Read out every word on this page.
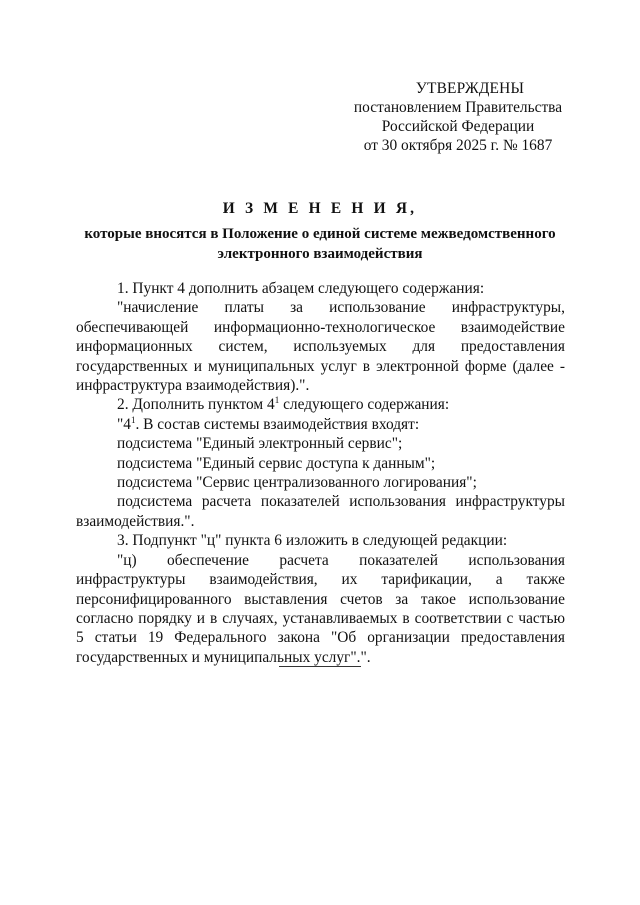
УТВЕРЖДЕНЫ
постановлением Правительства
Российской Федерации
от 30 октября 2025 г. № 1687
И З М Е Н Е Н И Я,
которые вносятся в Положение о единой системе межведомственного
электронного взаимодействия

1. Пункт 4 дополнить абзацем следующего содержания:

"начисление платы за использование инфраструктуры, обеспечивающей информационно-технологическое взаимодействие информационных систем, используемых для предоставления государственных и муниципальных услуг в электронной форме (далее - инфраструктура взаимодействия).".

2. Дополнить пунктом $4^1$ следующего содержания:

"$4^1$. В состав системы взаимодействия входят:

подсистема "Единый электронный сервис";

подсистема "Единый сервис доступа к данным";

подсистема "Сервис централизованного логирования";

подсистема расчета показателей использования инфраструктуры взаимодействия.".

3. Подпункт "ц" пункта 6 изложить в следующей редакции:

"ц) обеспечение расчета показателей использования инфраструктуры взаимодействия, их тарификации, а также персонифицированного выставления счетов за такое использование согласно порядку и в случаях, устанавливаемых в соответствии с частью 5 статьи 19 Федерального закона "Об организации предоставления государственных и муниципальных услуг".".
